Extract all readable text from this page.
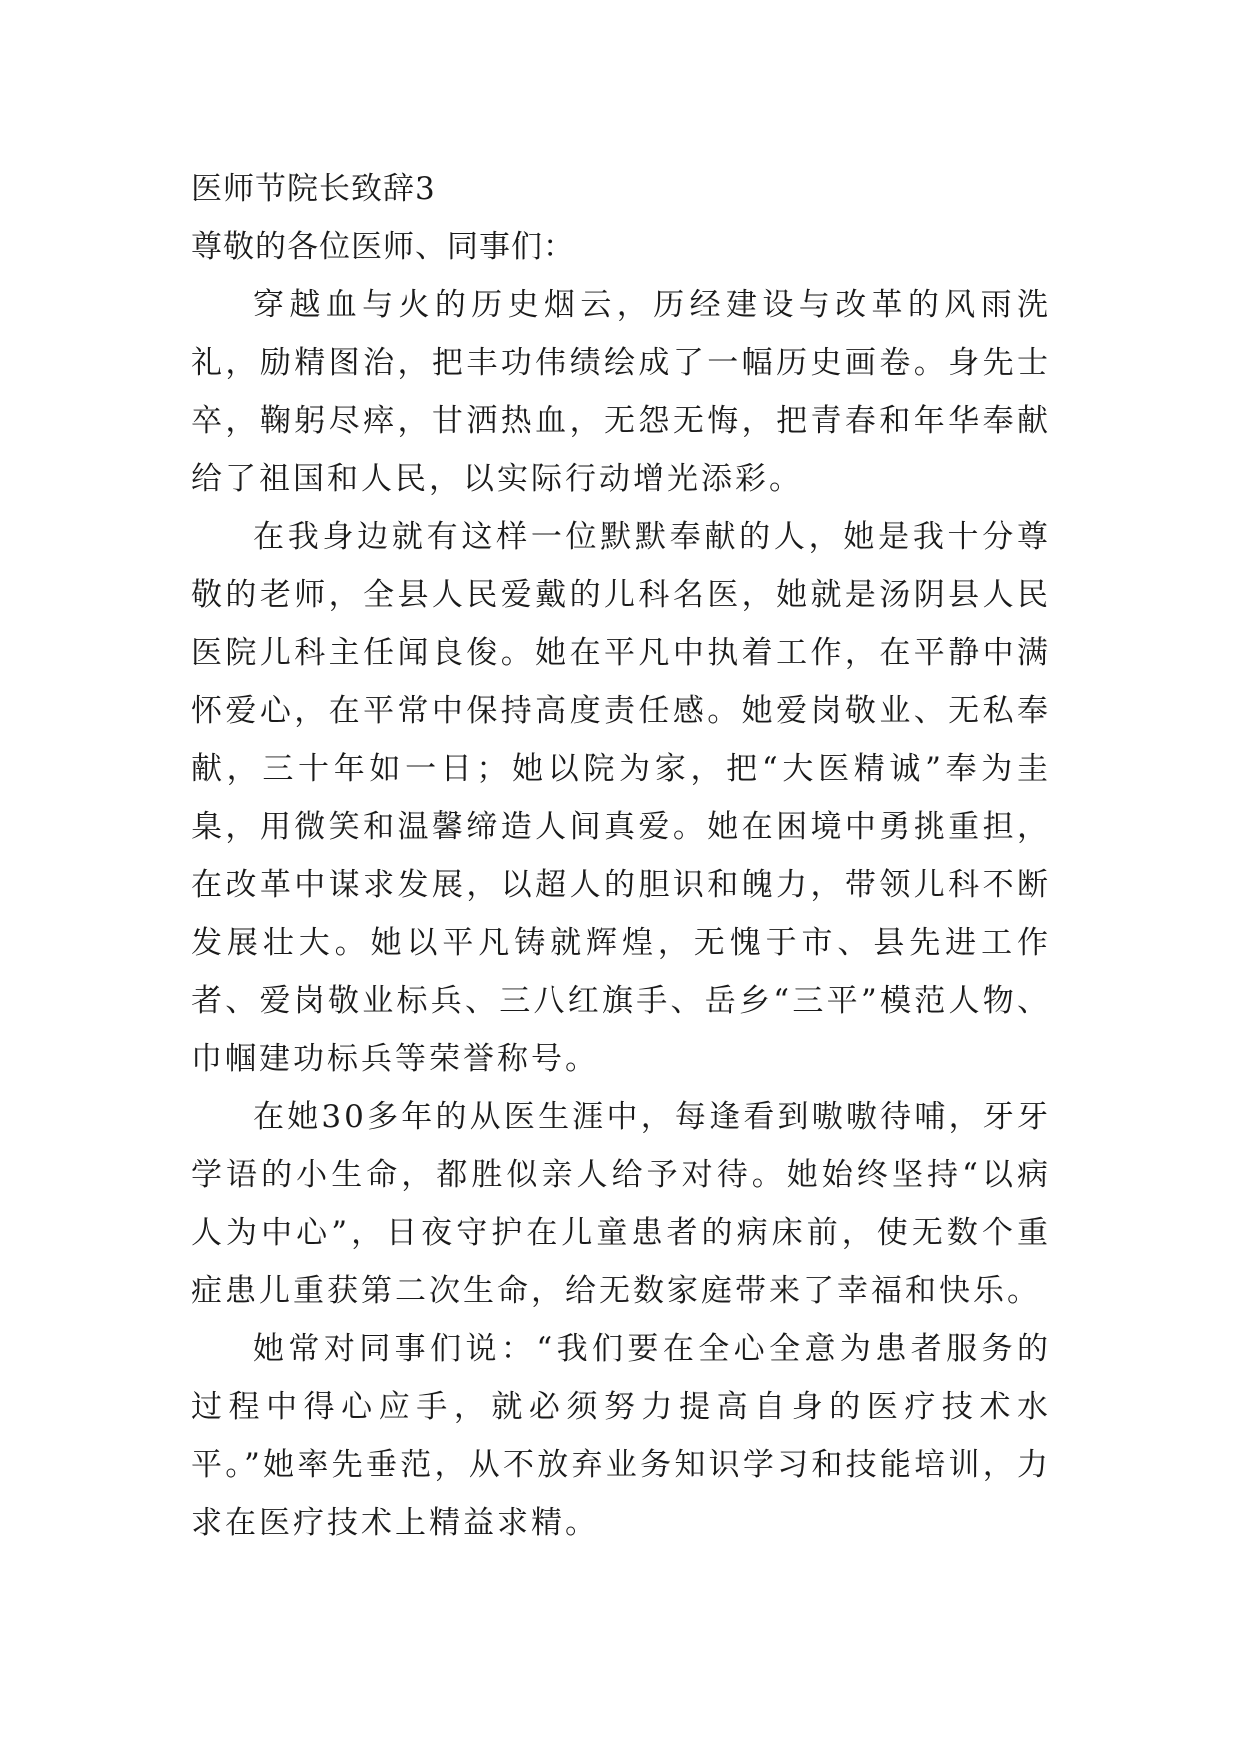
医师节院长致辞3

尊敬的各位医师、同事们：

穿越血与火的历史烟云，历经建设与改革的风雨洗礼，励精图治，把丰功伟绩绘成了一幅历史画卷。身先士卒，鞠躬尽瘁，甘洒热血，无怨无悔，把青春和年华奉献给了祖国和人民，以实际行动增光添彩。

在我身边就有这样一位默默奉献的人，她是我十分尊敬的老师，全县人民爱戴的儿科名医，她就是汤阴县人民医院儿科主任闻良俊。她在平凡中执着工作，在平静中满怀爱心，在平常中保持高度责任感。她爱岗敬业、无私奉献，三十年如一日；她以院为家，把“大医精诚”奉为圭臬，用微笑和温馨缔造人间真爱。她在困境中勇挑重担，在改革中谋求发展，以超人的胆识和魄力，带领儿科不断发展壮大。她以平凡铸就辉煌，无愧于市、县先进工作者、爱岗敬业标兵、三八红旗手、岳乡“三平”模范人物、巾帼建功标兵等荣誉称号。

在她30多年的从医生涯中，每逢看到嗷嗷待哺，牙牙学语的小生命，都胜似亲人给予对待。她始终坚持“以病人为中心”，日夜守护在儿童患者的病床前，使无数个重症患儿重获第二次生命，给无数家庭带来了幸福和快乐。

她常对同事们说：“我们要在全心全意为患者服务的过程中得心应手，就必须努力提高自身的医疗技术水平。”她率先垂范，从不放弃业务知识学习和技能培训，力求在医疗技术上精益求精。
